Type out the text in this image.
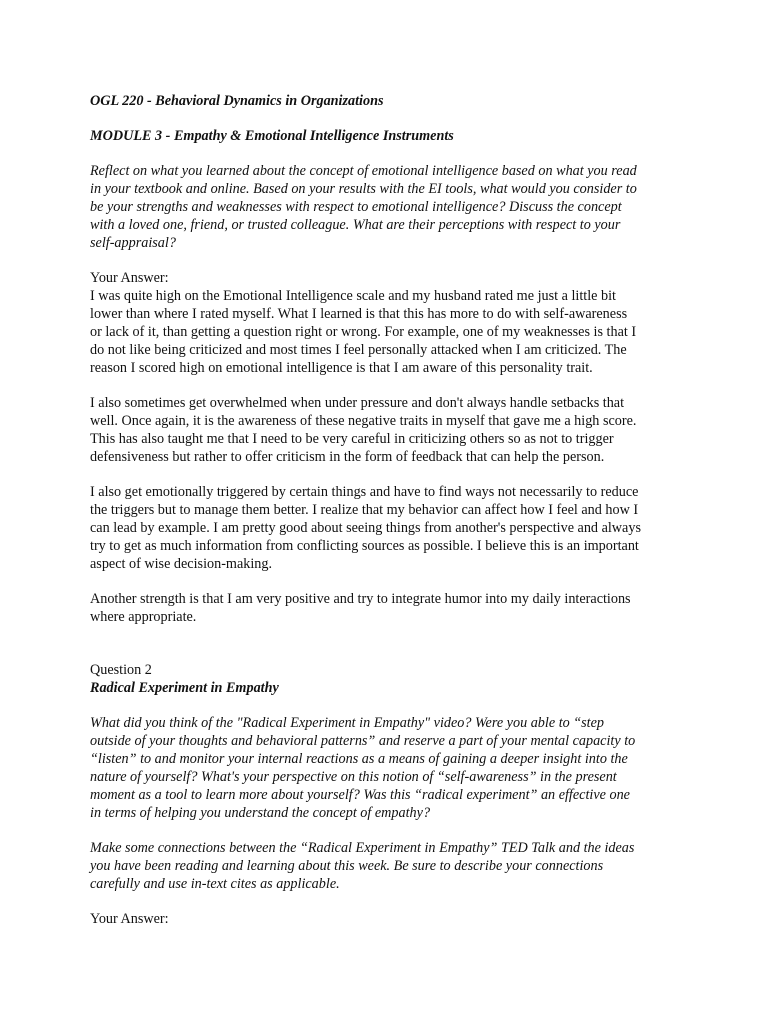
OGL 220 - Behavioral Dynamics in Organizations
MODULE 3 - Empathy & Emotional Intelligence Instruments
Reflect on what you learned about the concept of emotional intelligence based on what you read
in your textbook and online. Based on your results with the EI tools, what would you consider to
be your strengths and weaknesses with respect to emotional intelligence? Discuss the concept
with a loved one, friend, or trusted colleague. What are their perceptions with respect to your
self-appraisal?
Your Answer:
I was quite high on the Emotional Intelligence scale and my husband rated me just a little bit
lower than where I rated myself. What I learned is that this has more to do with self-awareness
or lack of it, than getting a question right or wrong. For example, one of my weaknesses is that I
do not like being criticized and most times I feel personally attacked when I am criticized. The
reason I scored high on emotional intelligence is that I am aware of this personality trait.
I also sometimes get overwhelmed when under pressure and don't always handle setbacks that
well. Once again, it is the awareness of these negative traits in myself that gave me a high score.
This has also taught me that I need to be very careful in criticizing others so as not to trigger
defensiveness but rather to offer criticism in the form of feedback that can help the person.
I also get emotionally triggered by certain things and have to find ways not necessarily to reduce
the triggers but to manage them better. I realize that my behavior can affect how I feel and how I
can lead by example. I am pretty good about seeing things from another's perspective and always
try to get as much information from conflicting sources as possible. I believe this is an important
aspect of wise decision-making.
Another strength is that I am very positive and try to integrate humor into my daily interactions
where appropriate.
Question 2
Radical Experiment in Empathy
What did you think of the "Radical Experiment in Empathy" video? Were you able to “step
outside of your thoughts and behavioral patterns” and reserve a part of your mental capacity to
“listen” to and monitor your internal reactions as a means of gaining a deeper insight into the
nature of yourself? What's your perspective on this notion of “self-awareness” in the present
moment as a tool to learn more about yourself? Was this “radical experiment” an effective one
in terms of helping you understand the concept of empathy?
Make some connections between the “Radical Experiment in Empathy” TED Talk and the ideas
you have been reading and learning about this week. Be sure to describe your connections
carefully and use in-text cites as applicable.
Your Answer:
